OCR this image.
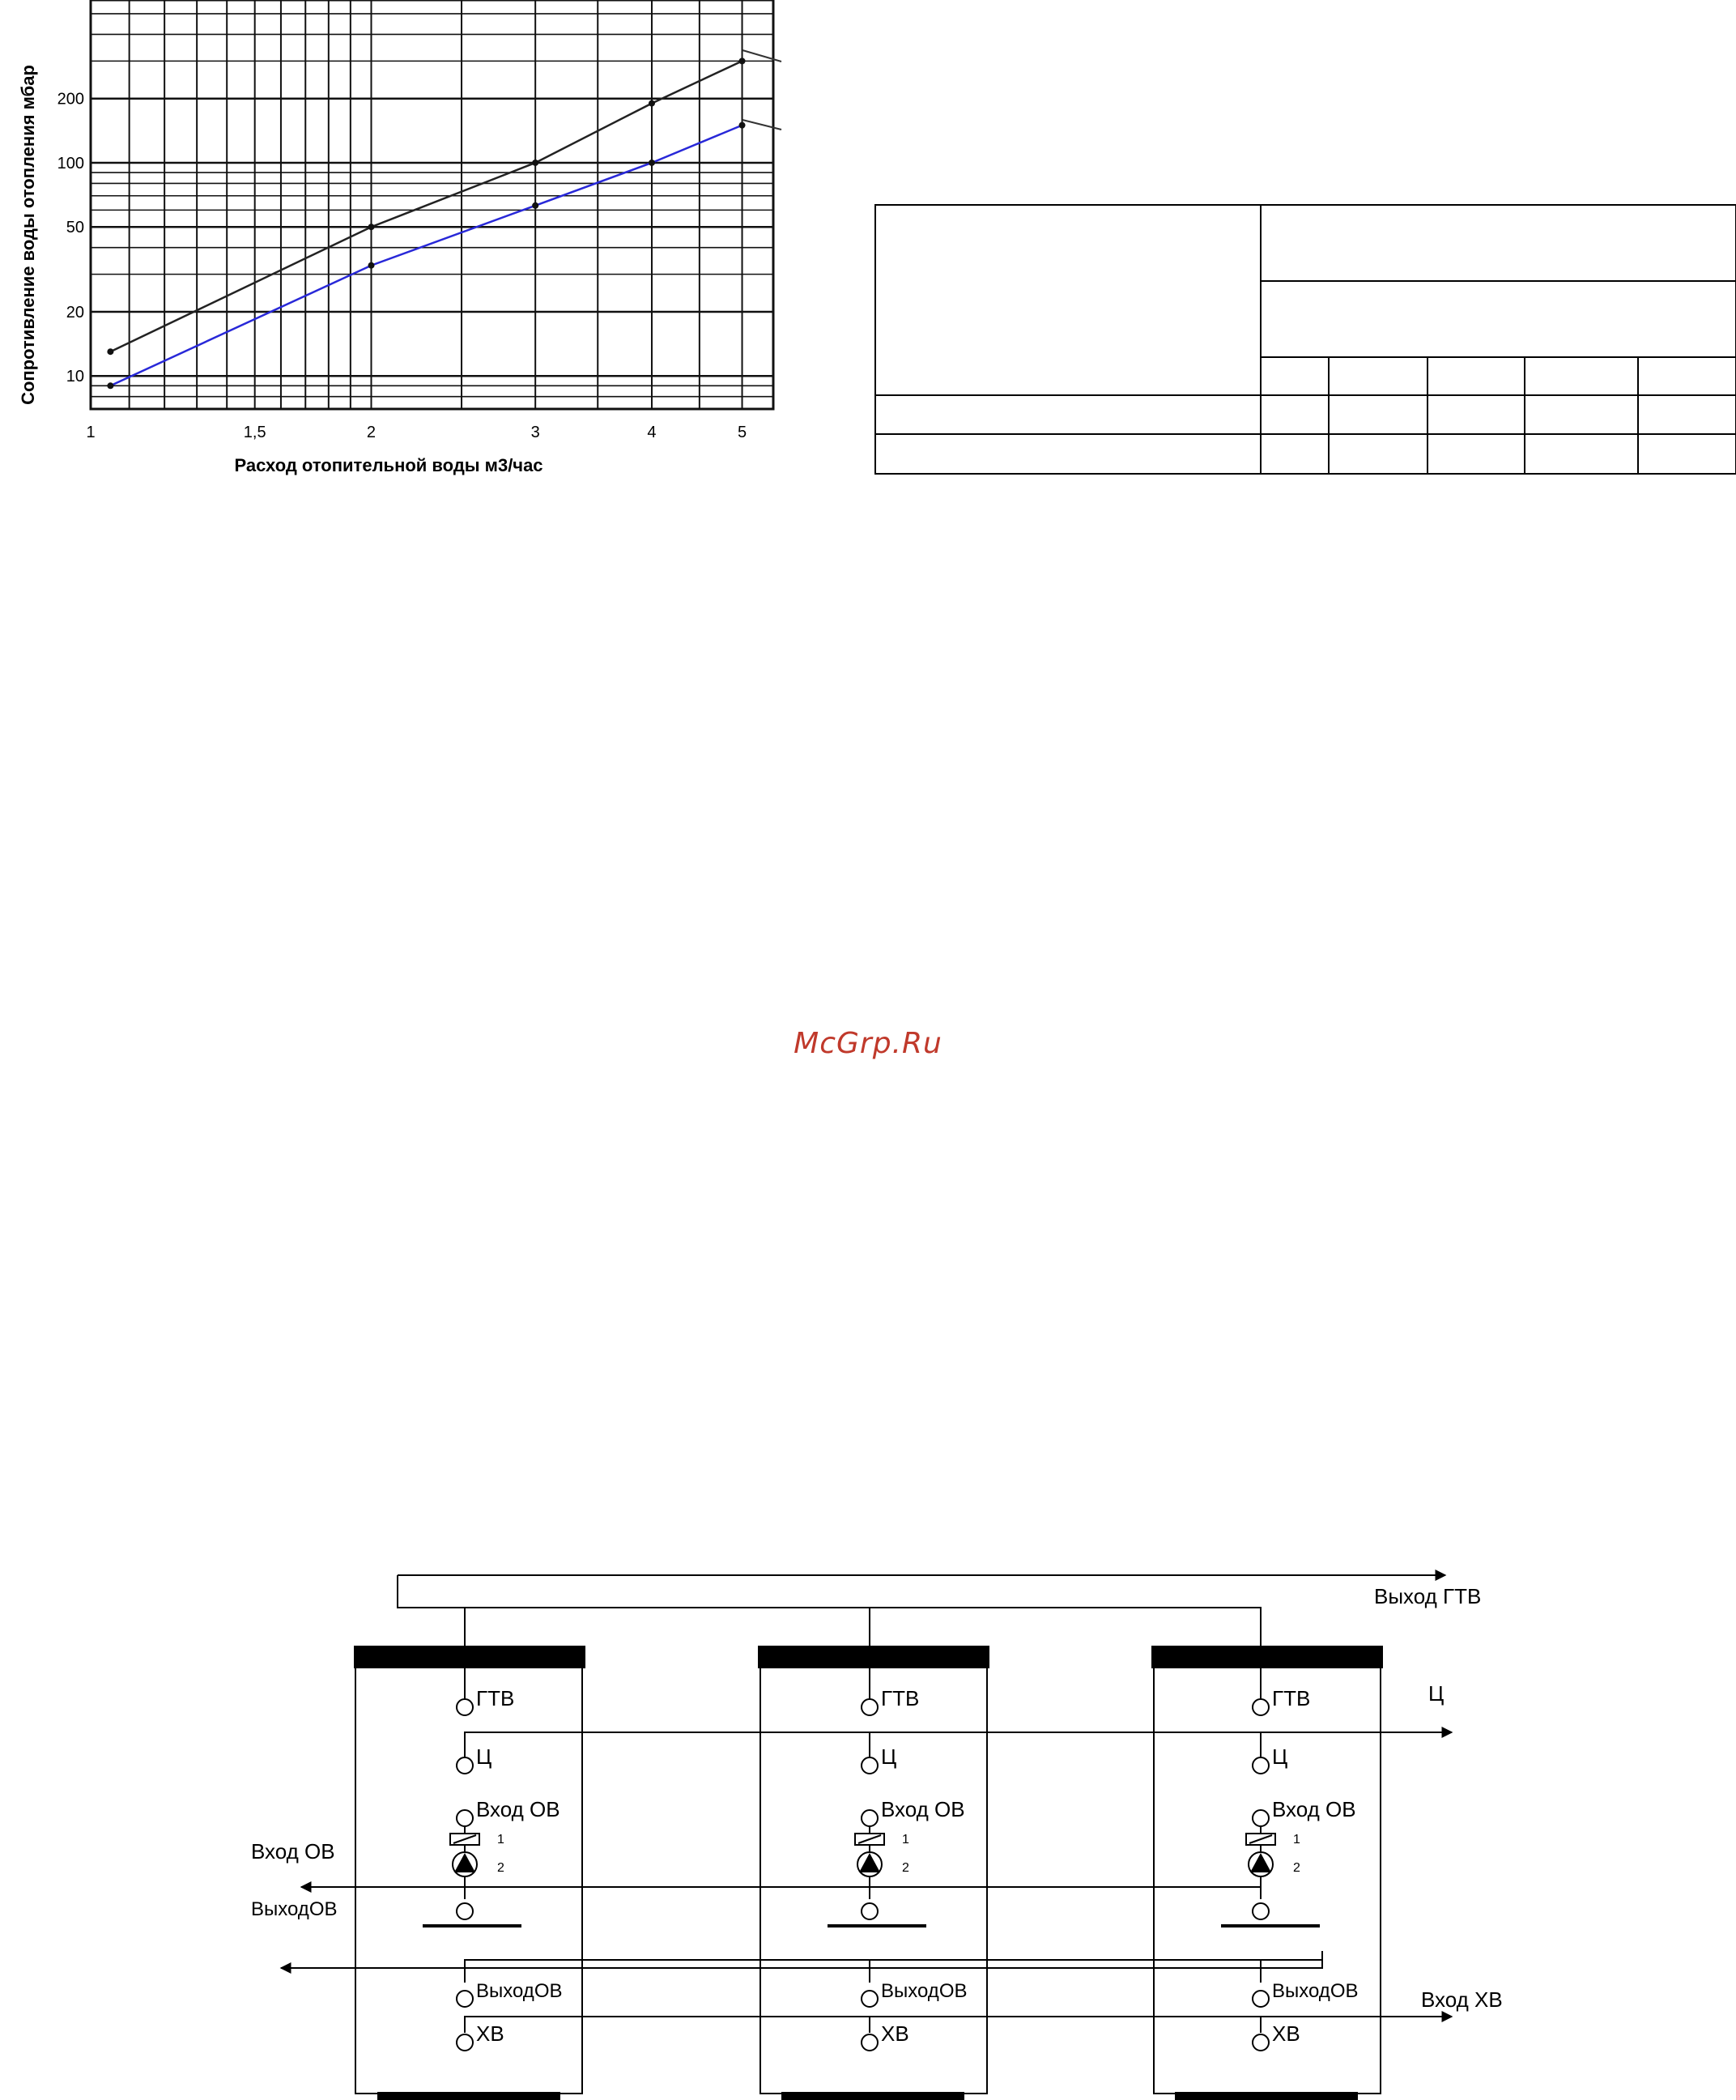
1	1,5	2	3	4	5
10
20
50
100
200
Расход отопительной воды м3/час
Сопротивление воды отопления мбар
McGrp.Ru
ГТВ
Ц
Вход ОВ
ВыходОВ
ХВ
1
2
ГТВ
Ц
Вход ОВ
ВыходОВ
ХВ
1
2
ГТВ
Ц
Вход ОВ
ВыходОВ
ХВ
1
2
Выход ГТВ
Ц
Вход ОВ
ВыходОВ
Вход ХВ
